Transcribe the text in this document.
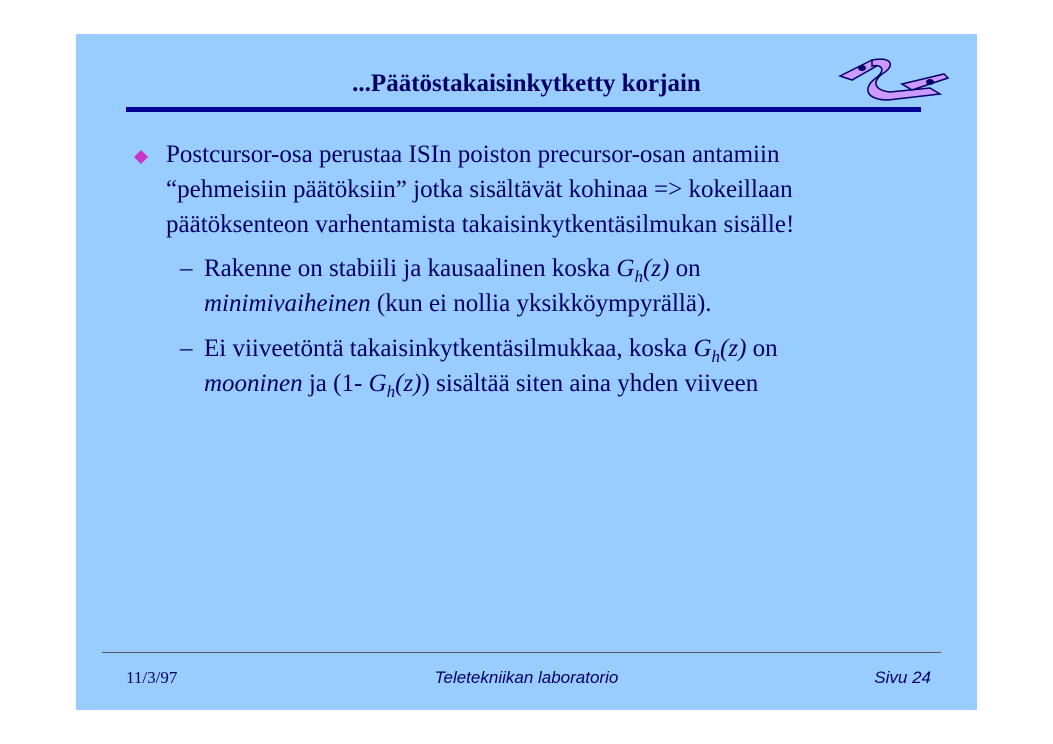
...Päätöstakaisinkytketty korjain
Postcursor-osa perustaa ISIn poiston precursor-osan antamiin
“pehmeisiin päätöksiin” jotka sisältävät kohinaa => kokeillaan
päätöksenteon varhentamista takaisinkytkentäsilmukan sisälle!
– Rakenne on stabiili ja kausaalinen koska $G_h(z)$ on
minimivaiheinen (kun ei nollia yksikköympyrällä).
– Ei viiveetöntä takaisinkytkentäsilmukkaa, koska $G_h(z)$ on
mooninen ja (1- $G_h(z)$) sisältää siten aina yhden viiveen
11/3/97	Teletekniikan laboratorio	Sivu 24
